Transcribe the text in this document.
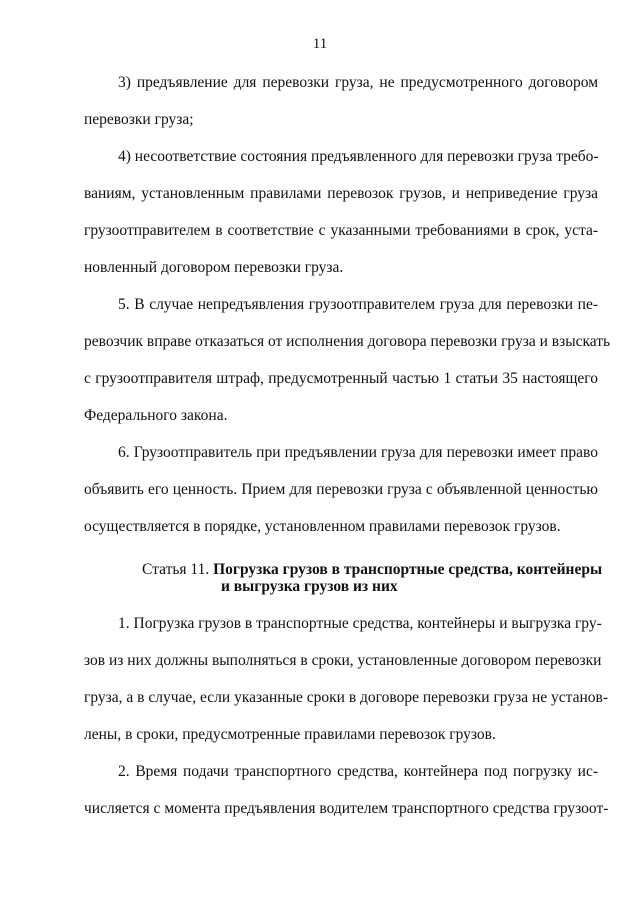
11
3) предъявление для перевозки груза, не предусмотренного договором
перевозки груза;
4) несоответствие состояния предъявленного для перевозки груза требо-
ваниям, установленным правилами перевозок грузов, и неприведение груза
грузоотправителем в соответствие с указанными требованиями в срок, уста-
новленный договором перевозки груза.
5. В случае непредъявления грузоотправителем груза для перевозки пе-
ревозчик вправе отказаться от исполнения договора перевозки груза и взыскать
с грузоотправителя штраф, предусмотренный частью 1 статьи 35 настоящего
Федерального закона.
6. Грузоотправитель при предъявлении груза для перевозки имеет право
объявить его ценность. Прием для перевозки груза с объявленной ценностью
осуществляется в порядке, установленном правилами перевозок грузов.
Статья 11. Погрузка грузов в транспортные средства, контейнеры
и выгрузка грузов из них
1. Погрузка грузов в транспортные средства, контейнеры и выгрузка гру-
зов из них должны выполняться в сроки, установленные договором перевозки
груза, а в случае, если указанные сроки в договоре перевозки груза не установ-
лены, в сроки, предусмотренные правилами перевозок грузов.
2. Время подачи транспортного средства, контейнера под погрузку ис-
числяется с момента предъявления водителем транспортного средства грузоот-
